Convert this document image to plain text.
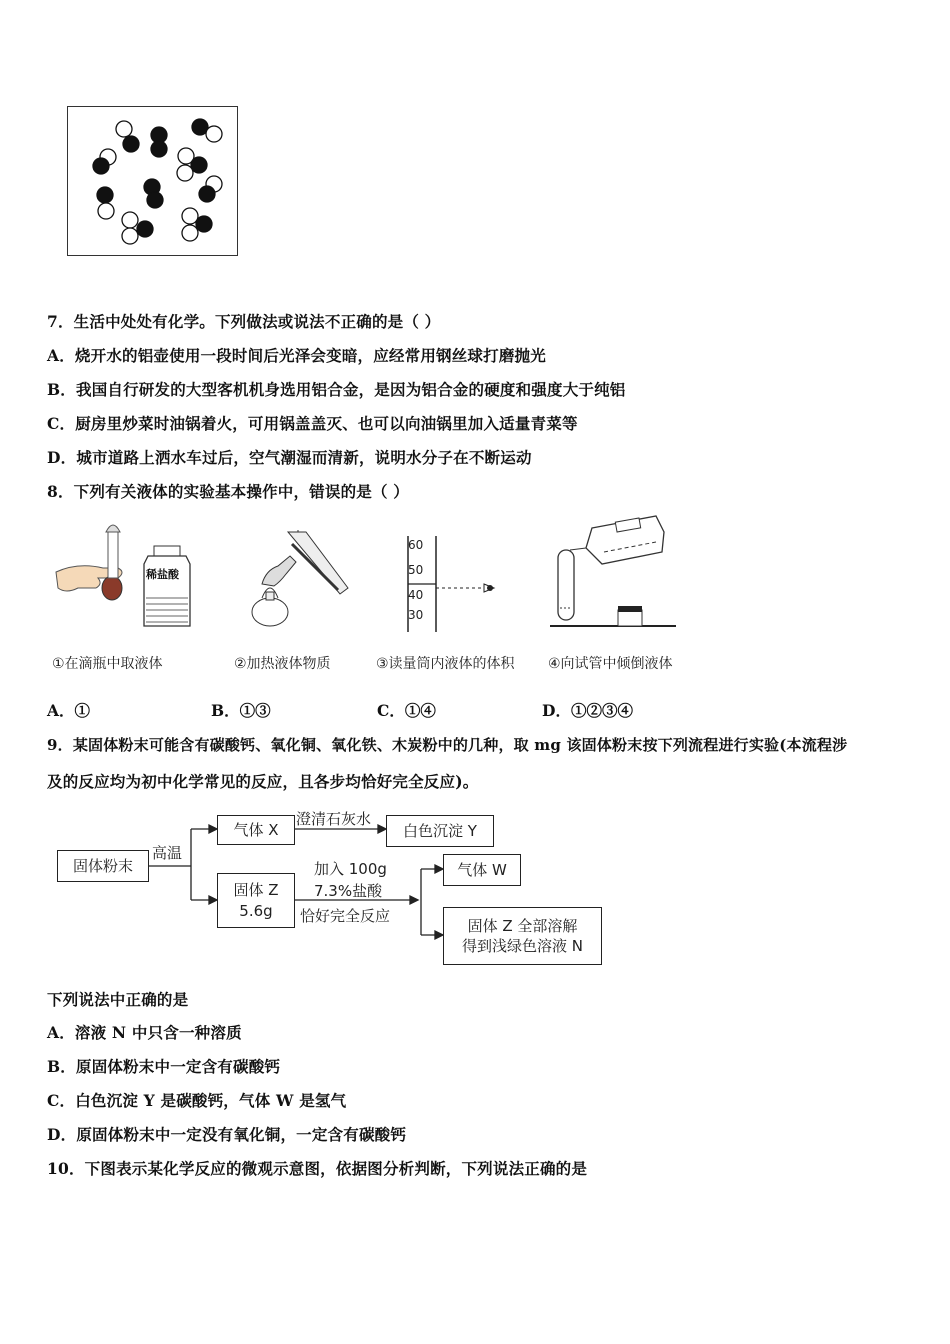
7．生活中处处有化学。下列做法或说法不正确的是（ ）
A．烧开水的铝壶使用一段时间后光泽会变暗，应经常用钢丝球打磨抛光
B．我国自行研发的大型客机机身选用铝合金，是因为铝合金的硬度和强度大于纯铝
C．厨房里炒菜时油锅着火，可用锅盖盖灭、也可以向油锅里加入适量青菜等
D．城市道路上洒水车过后，空气潮湿而清新，说明水分子在不断运动
8．下列有关液体的实验基本操作中，错误的是（ ）
稀盐酸
60
50
40
30
①在滴瓶中取液体	②加热液体物质	③读量筒内液体的体积 ④向试管中倾倒液体
A．①	B．①③	C．①④	D．①②③④
9．某固体粉末可能含有碳酸钙、氧化铜、氧化铁、木炭粉中的几种，取 mg 该固体粉末按下列流程进行实验(本流程涉
及的反应均为初中化学常见的反应，且各步均恰好完全反应)。
固体粉末
高温
气体 X
澄清石灰水
白色沉淀 Y
固体 Z
5.6g
加入 100g
7.3%盐酸
恰好完全反应
气体 W
固体 Z 全部溶解
得到浅绿色溶液 N
下列说法中正确的是
A．溶液 N 中只含一种溶质
B．原固体粉末中一定含有碳酸钙
C．白色沉淀 Y 是碳酸钙，气体 W 是氢气
D．原固体粉末中一定没有氧化铜，一定含有碳酸钙
10．下图表示某化学反应的微观示意图，依据图分析判断，下列说法正确的是
